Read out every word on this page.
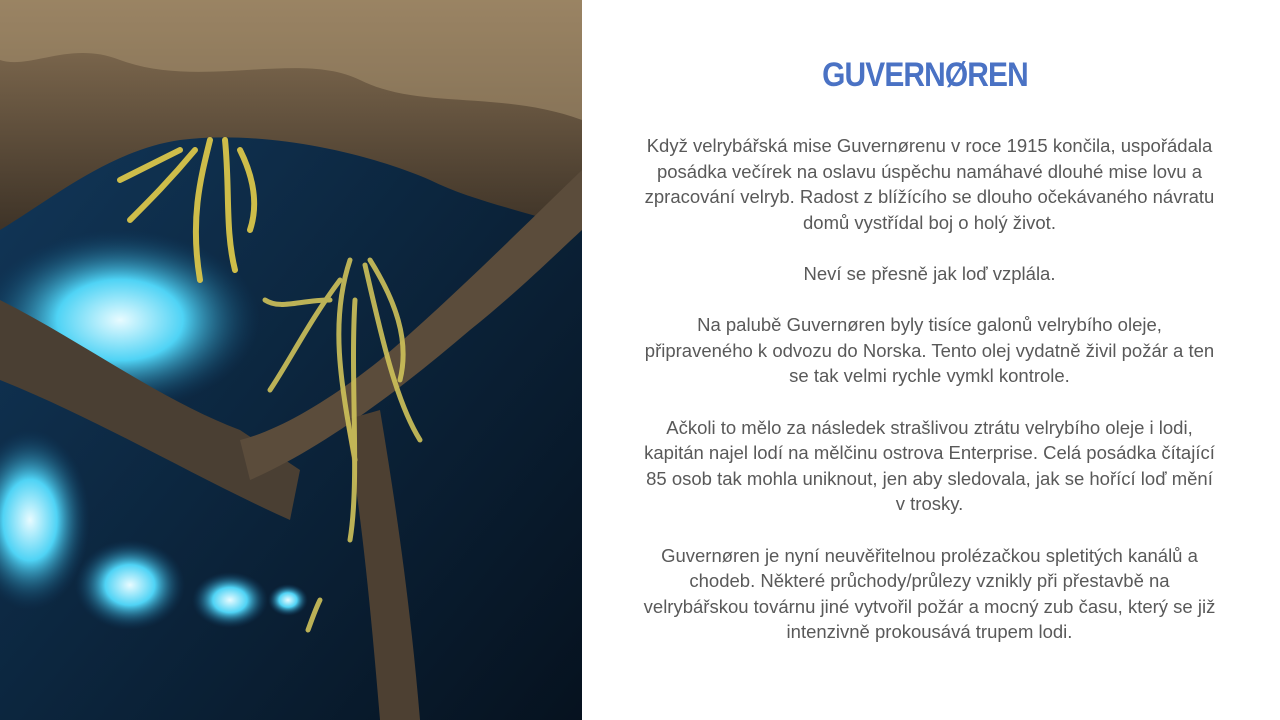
GUVERNØREN

Když velrybářská mise Guvernørenu v roce 1915 končila, uspořádala posádka večírek na oslavu úspěchu namáhavé dlouhé mise lovu a zpracování velryb. Radost z blížícího se dlouho očekávaného návratu domů vystřídal boj o holý život.

Neví se přesně jak loď vzplála.

Na palubě Guvernøren byly tisíce galonů velrybího oleje, připraveného k odvozu do Norska. Tento olej vydatně živil požár a ten se tak velmi rychle vymkl kontrole.

Ačkoli to mělo za následek strašlivou ztrátu velrybího oleje i lodi, kapitán najel lodí na mělčinu ostrova Enterprise. Celá posádka čítající 85 osob tak mohla uniknout, jen aby sledovala, jak se hořící loď mění v trosky.

Guvernøren je nyní neuvěřitelnou prolézačkou spletitých kanálů a chodeb. Některé průchody/průlezy vznikly při přestavbě na velrybářskou továrnu jiné vytvořil požár a mocný zub času, který se již intenzivně prokousává trupem lodi.
